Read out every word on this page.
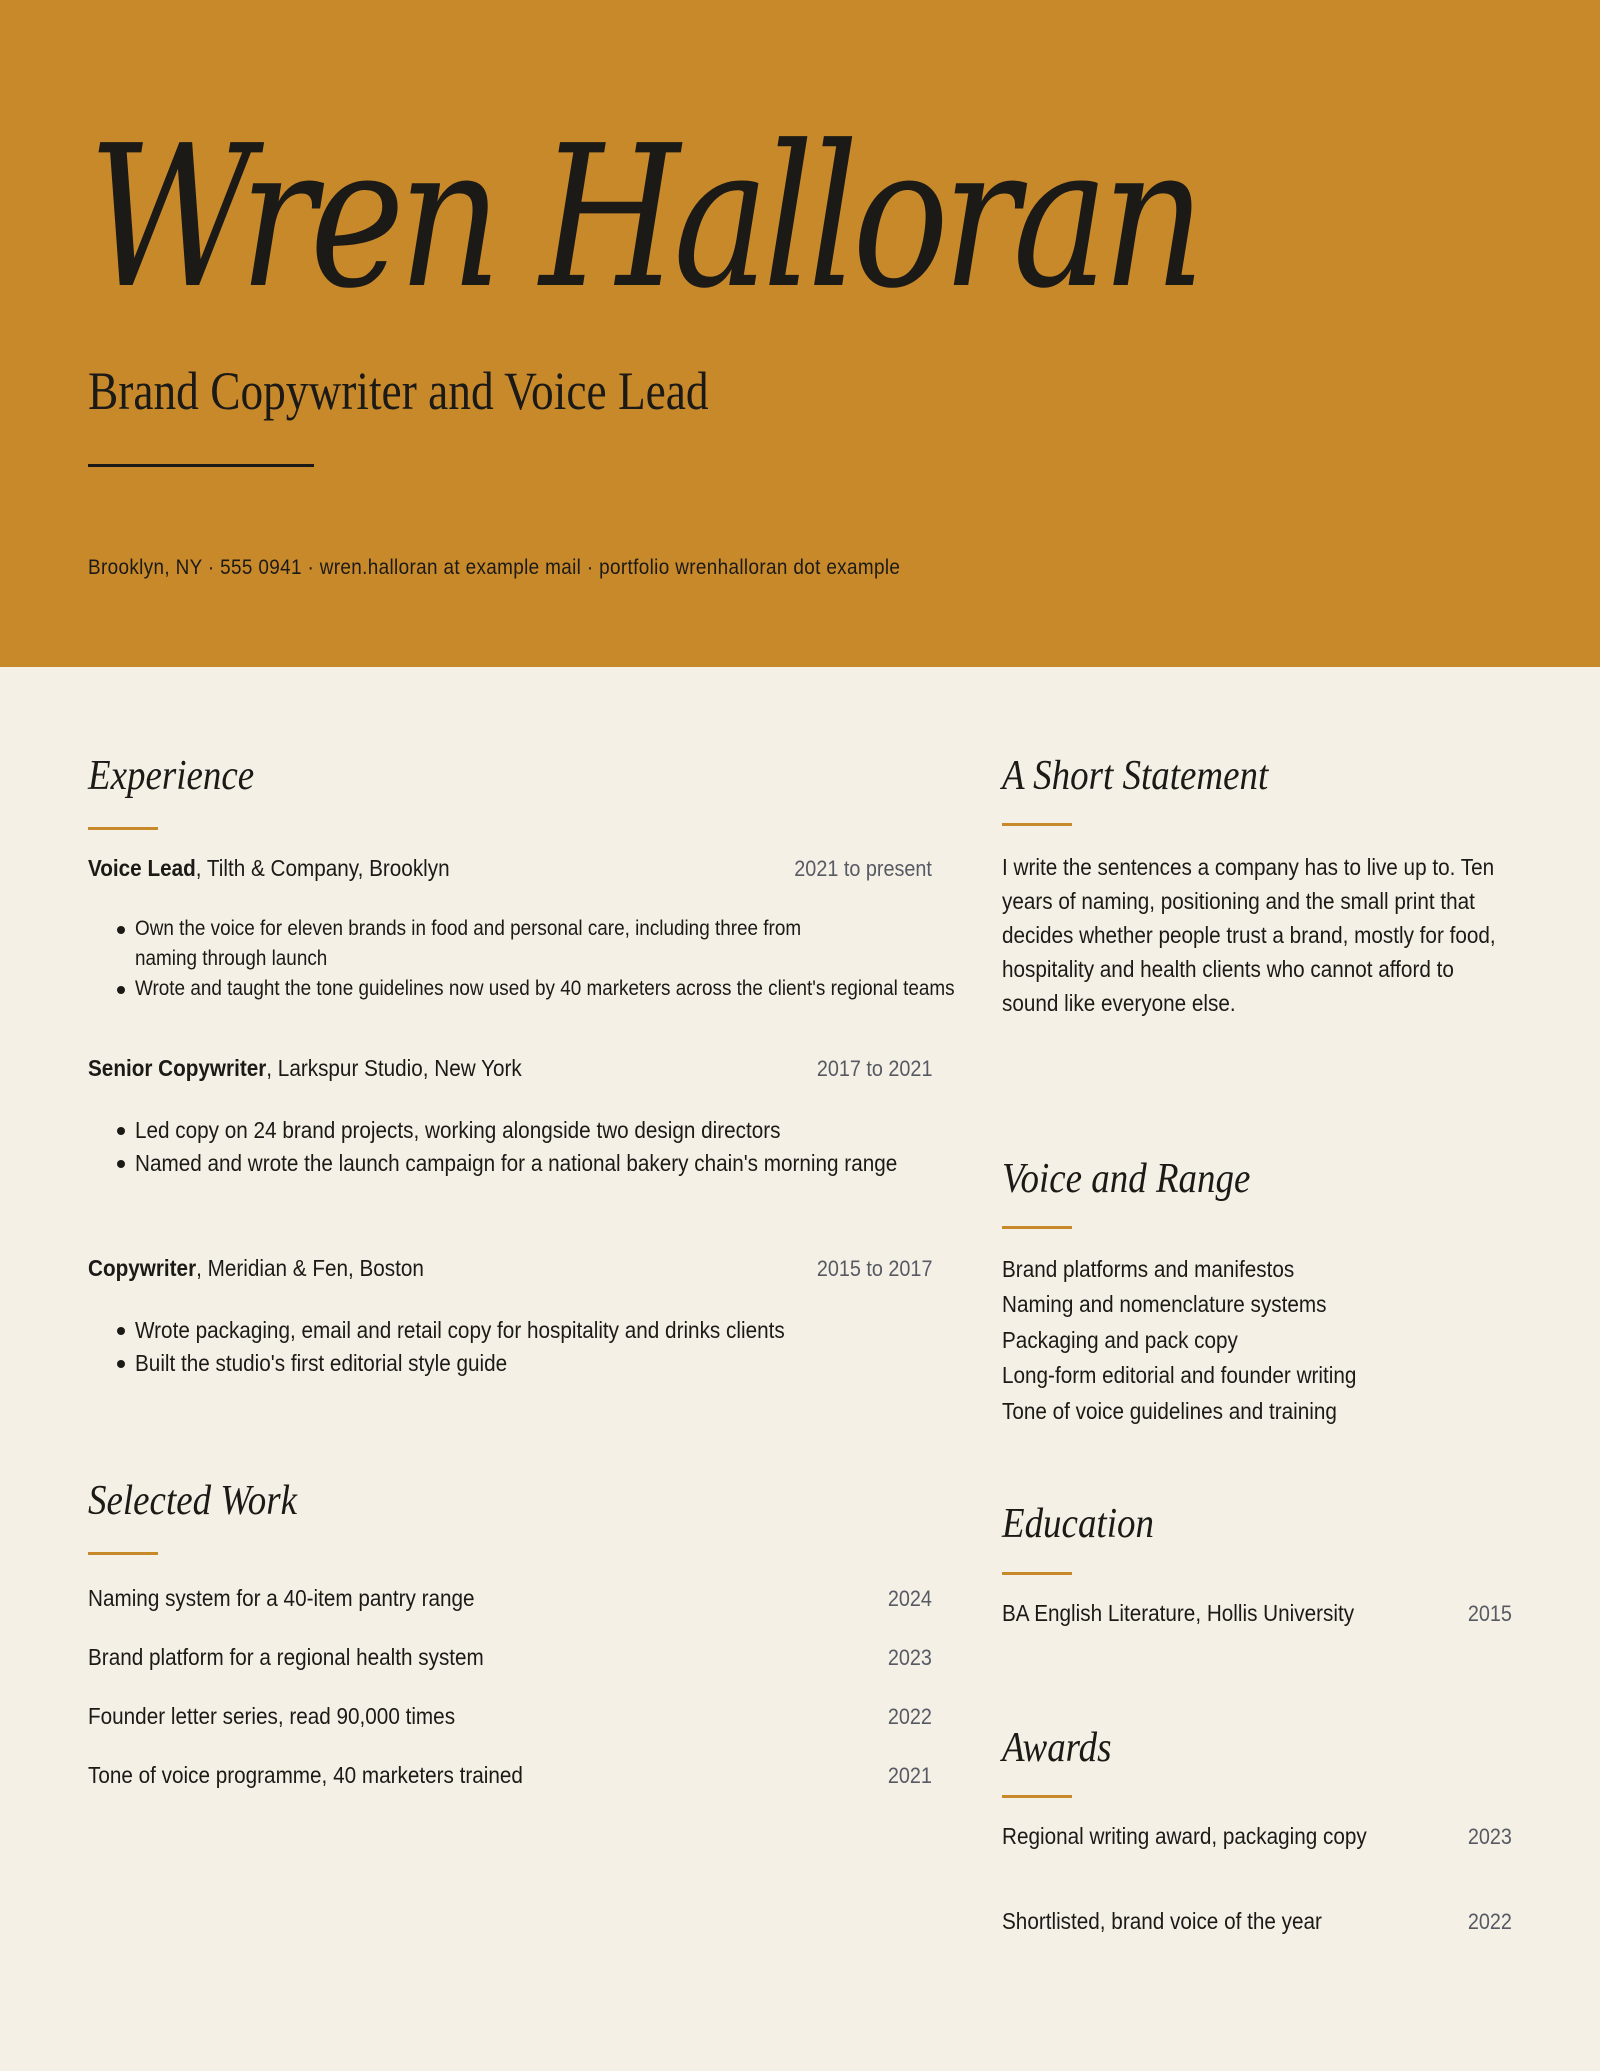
Wren Halloran
Brand Copywriter and Voice Lead
Brooklyn, NY · 555 0941 · wren.halloran at example mail · portfolio wrenhalloran dot example
Experience
Voice Lead, Tilth & Company, Brooklyn	2021 to present
Own the voice for eleven brands in food and personal care, including three from naming through launch
Wrote and taught the tone guidelines now used by 40 marketers across the client's regional teams
Senior Copywriter, Larkspur Studio, New York	2017 to 2021
Led copy on 24 brand projects, working alongside two design directors
Named and wrote the launch campaign for a national bakery chain's morning range
Copywriter, Meridian & Fen, Boston	2015 to 2017
Wrote packaging, email and retail copy for hospitality and drinks clients
Built the studio's first editorial style guide
Selected Work
Naming system for a 40-item pantry range	2024
Brand platform for a regional health system	2023
Founder letter series, read 90,000 times	2022
Tone of voice programme, 40 marketers trained	2021
A Short Statement
I write the sentences a company has to live up to. Ten years of naming, positioning and the small print that decides whether people trust a brand, mostly for food, hospitality and health clients who cannot afford to sound like everyone else.
Voice and Range
Brand platforms and manifestos
Naming and nomenclature systems
Packaging and pack copy
Long-form editorial and founder writing
Tone of voice guidelines and training
Education
BA English Literature, Hollis University	2015
Awards
Regional writing award, packaging copy	2023
Shortlisted, brand voice of the year	2022
